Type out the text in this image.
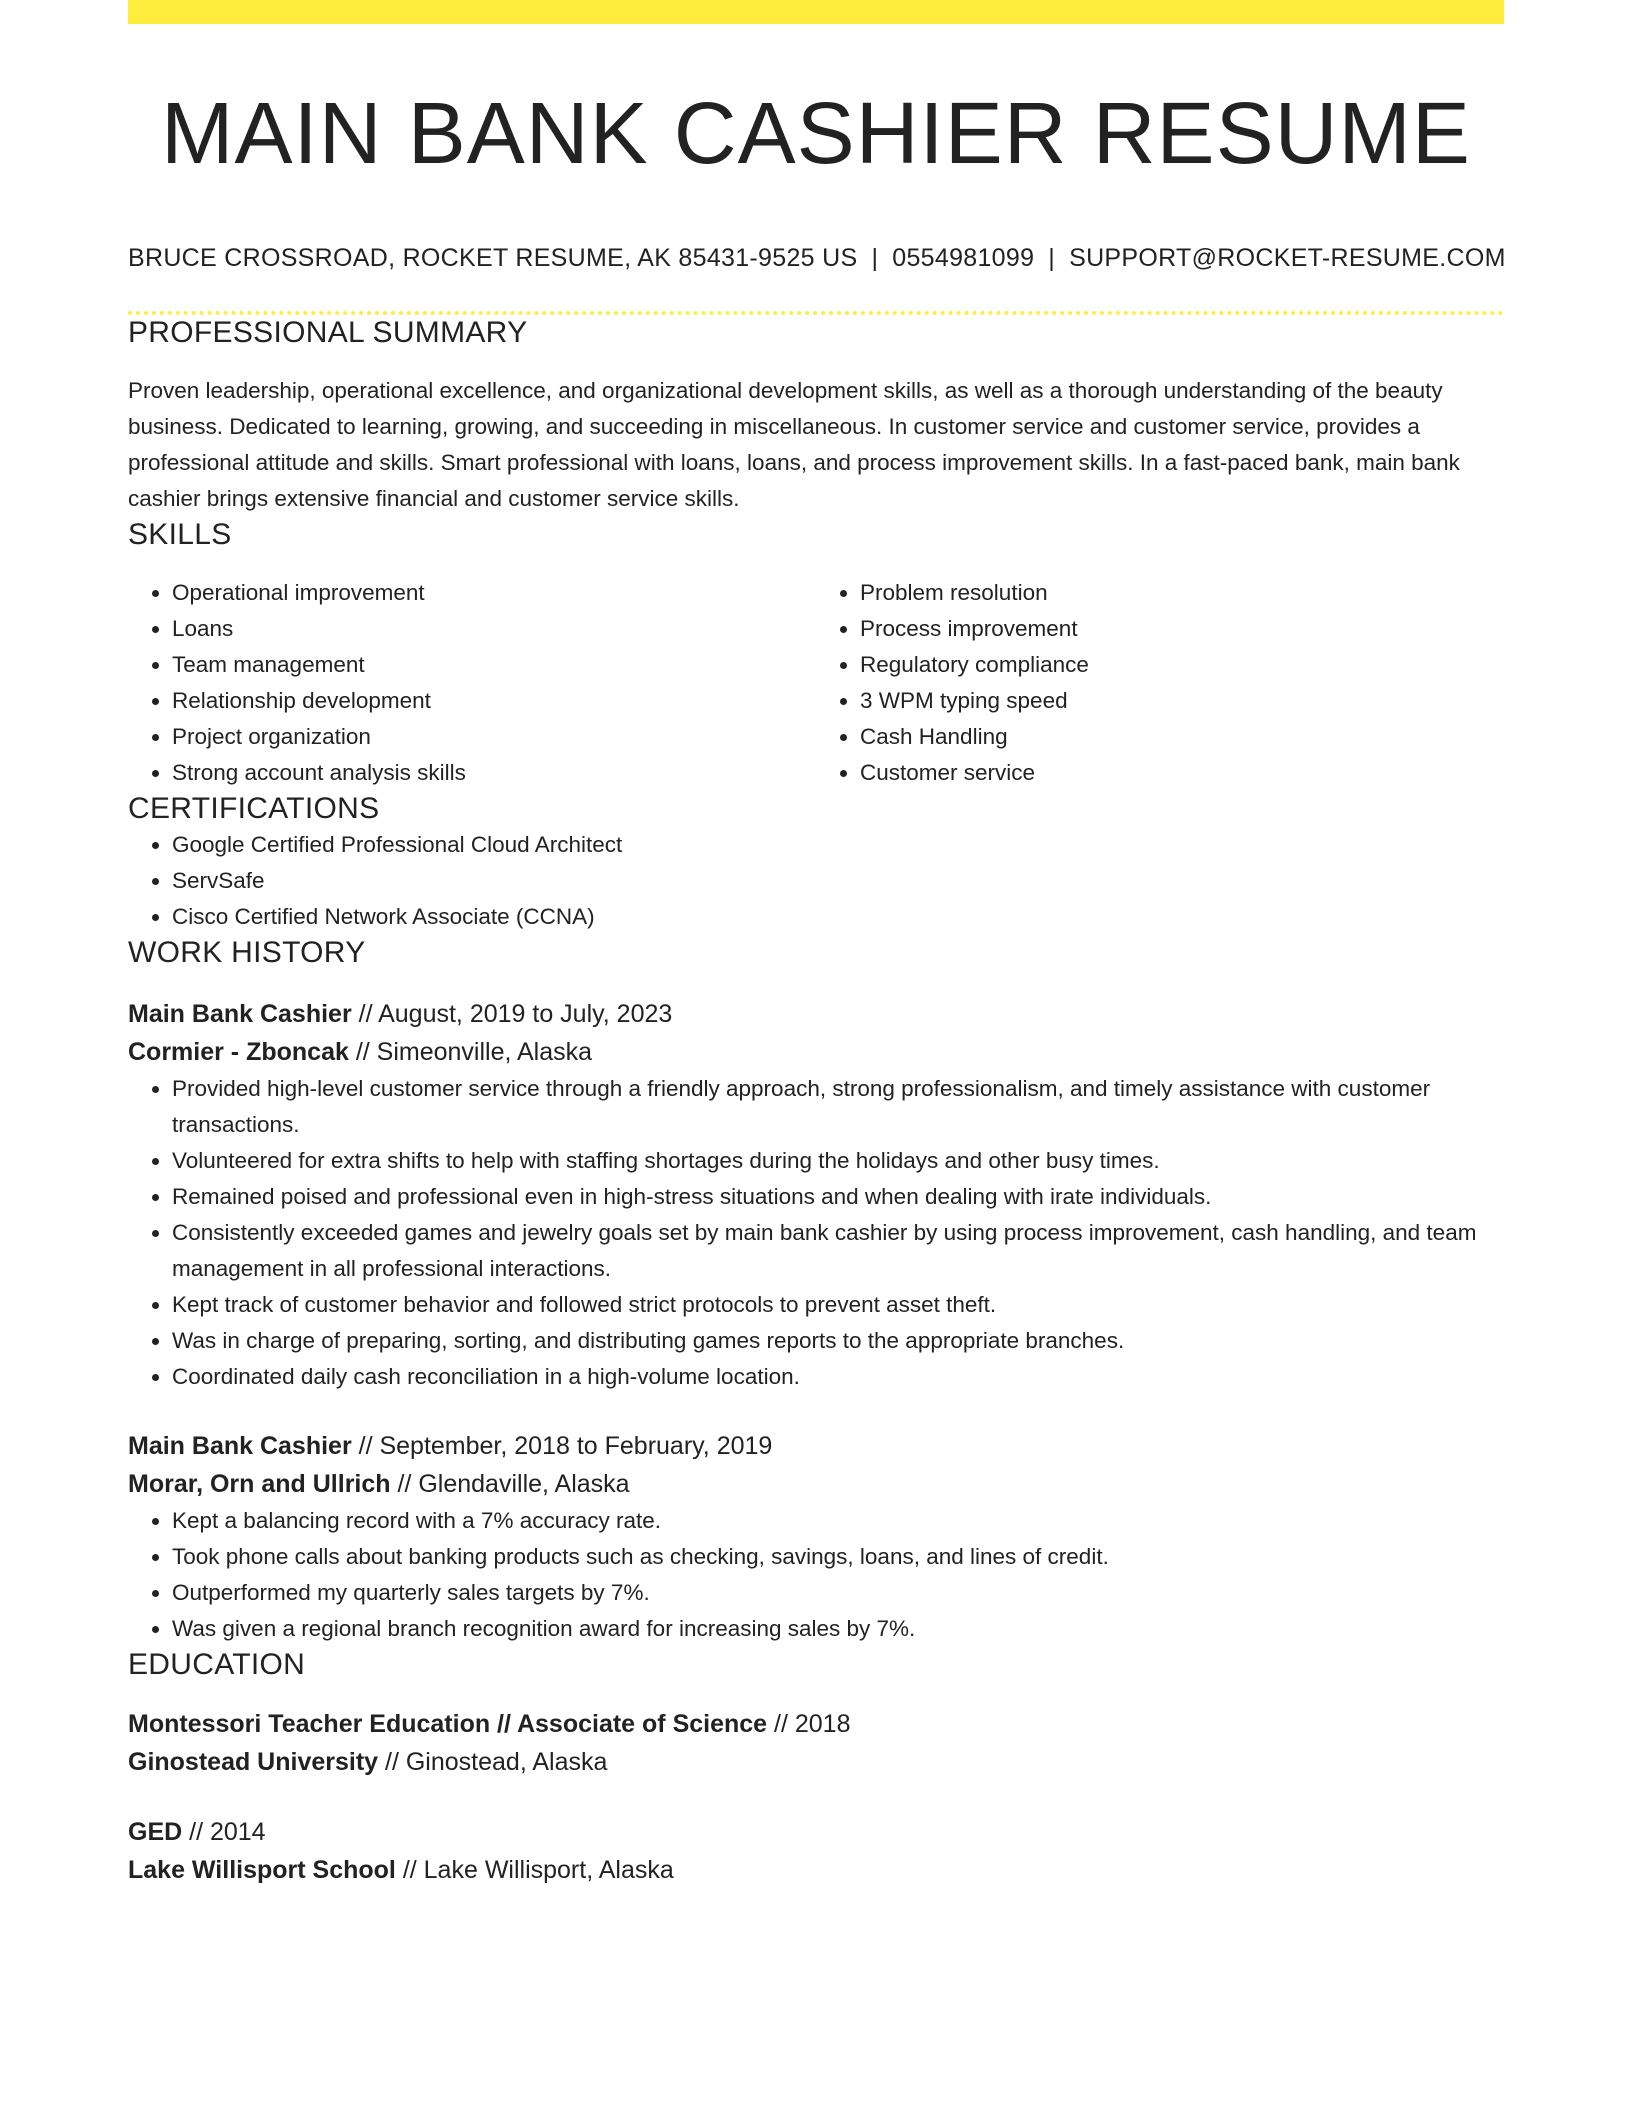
MAIN BANK CASHIER RESUME
BRUCE CROSSROAD, ROCKET RESUME, AK 85431-9525 US | 0554981099 | SUPPORT@ROCKET-RESUME.COM
PROFESSIONAL SUMMARY

Proven leadership, operational excellence, and organizational development skills, as well as a thorough understanding of the beauty business. Dedicated to learning, growing, and succeeding in miscellaneous. In customer service and customer service, provides a professional attitude and skills. Smart professional with loans, loans, and process improvement skills. In a fast-paced bank, main bank cashier brings extensive financial and customer service skills.

SKILLS
• Operational improvement
• Loans
• Team management
• Relationship development
• Project organization
• Strong account analysis skills
• Problem resolution
• Process improvement
• Regulatory compliance
• 3 WPM typing speed
• Cash Handling
• Customer service
CERTIFICATIONS
• Google Certified Professional Cloud Architect
• ServSafe
• Cisco Certified Network Associate (CCNA)
WORK HISTORY
Main Bank Cashier // August, 2019 to July, 2023
Cormier - Zboncak // Simeonville, Alaska
• Provided high-level customer service through a friendly approach, strong professionalism, and timely assistance with customer transactions.
• Volunteered for extra shifts to help with staffing shortages during the holidays and other busy times.
• Remained poised and professional even in high-stress situations and when dealing with irate individuals.
• Consistently exceeded games and jewelry goals set by main bank cashier by using process improvement, cash handling, and team management in all professional interactions.
• Kept track of customer behavior and followed strict protocols to prevent asset theft.
• Was in charge of preparing, sorting, and distributing games reports to the appropriate branches.
• Coordinated daily cash reconciliation in a high-volume location.
Main Bank Cashier // September, 2018 to February, 2019
Morar, Orn and Ullrich // Glendaville, Alaska
• Kept a balancing record with a 7% accuracy rate.
• Took phone calls about banking products such as checking, savings, loans, and lines of credit.
• Outperformed my quarterly sales targets by 7%.
• Was given a regional branch recognition award for increasing sales by 7%.
EDUCATION
Montessori Teacher Education // Associate of Science // 2018
Ginostead University // Ginostead, Alaska
GED // 2014
Lake Willisport School // Lake Willisport, Alaska
